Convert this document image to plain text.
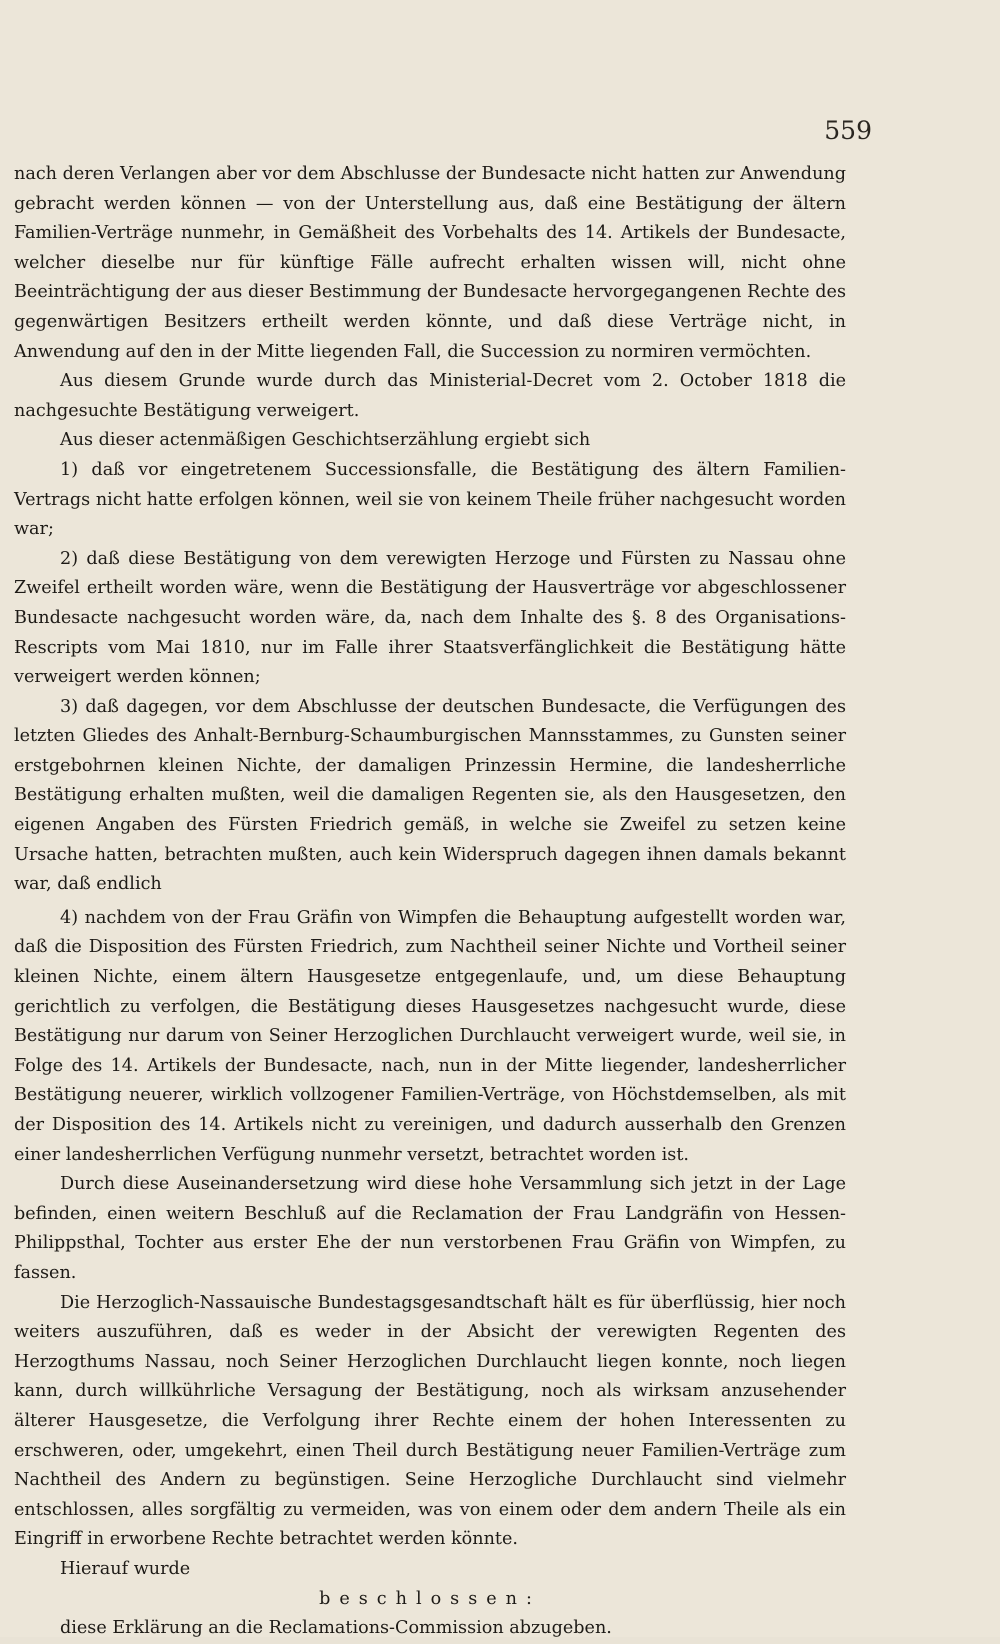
559

nach deren Verlangen aber vor dem Abschlusse der Bundesacte nicht hatten zur Anwendung gebracht werden können — von der Unterstellung aus, daß eine Bestätigung der ältern Familien-Verträge nunmehr, in Gemäßheit des Vorbehalts des 14. Artikels der Bundesacte, welcher dieselbe nur für künftige Fälle aufrecht erhalten wissen will, nicht ohne Beeinträchtigung der aus dieser Bestimmung der Bundesacte hervorgegangenen Rechte des gegenwärtigen Besitzers ertheilt werden könnte, und daß diese Verträge nicht, in Anwendung auf den in der Mitte liegenden Fall, die Succession zu normiren vermöchten.

Aus diesem Grunde wurde durch das Ministerial-Decret vom 2. October 1818 die nachgesuchte Bestätigung verweigert.

Aus dieser actenmäßigen Geschichtserzählung ergiebt sich

1) daß vor eingetretenem Successionsfalle, die Bestätigung des ältern Familien-Vertrags nicht hatte erfolgen können, weil sie von keinem Theile früher nachgesucht worden war;

2) daß diese Bestätigung von dem verewigten Herzoge und Fürsten zu Nassau ohne Zweifel ertheilt worden wäre, wenn die Bestätigung der Hausverträge vor abgeschlossener Bundesacte nachgesucht worden wäre, da, nach dem Inhalte des §. 8 des Organisations-Rescripts vom Mai 1810, nur im Falle ihrer Staatsverfänglichkeit die Bestätigung hätte verweigert werden können;

3) daß dagegen, vor dem Abschlusse der deutschen Bundesacte, die Verfügungen des letzten Gliedes des Anhalt-Bernburg-Schaumburgischen Mannsstammes, zu Gunsten seiner erstgebohrnen kleinen Nichte, der damaligen Prinzessin Hermine, die landesherrliche Bestätigung erhalten mußten, weil die damaligen Regenten sie, als den Hausgesetzen, den eigenen Angaben des Fürsten Friedrich gemäß, in welche sie Zweifel zu setzen keine Ursache hatten, betrachten mußten, auch kein Widerspruch dagegen ihnen damals bekannt war, daß endlich

4) nachdem von der Frau Gräfin von Wimpfen die Behauptung aufgestellt worden war, daß die Disposition des Fürsten Friedrich, zum Nachtheil seiner Nichte und Vortheil seiner kleinen Nichte, einem ältern Hausgesetze entgegenlaufe, und, um diese Behauptung gerichtlich zu verfolgen, die Bestätigung dieses Hausgesetzes nachgesucht wurde, diese Bestätigung nur darum von Seiner Herzoglichen Durchlaucht verweigert wurde, weil sie, in Folge des 14. Artikels der Bundesacte, nach, nun in der Mitte liegender, landesherrlicher Bestätigung neuerer, wirklich vollzogener Familien-Verträge, von Höchstdemselben, als mit der Disposition des 14. Artikels nicht zu vereinigen, und dadurch ausserhalb den Grenzen einer landesherrlichen Verfügung nunmehr versetzt, betrachtet worden ist.

Durch diese Auseinandersetzung wird diese hohe Versammlung sich jetzt in der Lage befinden, einen weitern Beschluß auf die Reclamation der Frau Landgräfin von Hessen-Philippsthal, Tochter aus erster Ehe der nun verstorbenen Frau Gräfin von Wimpfen, zu fassen.

Die Herzoglich-Nassauische Bundestagsgesandtschaft hält es für überflüssig, hier noch weiters auszuführen, daß es weder in der Absicht der verewigten Regenten des Herzogthums Nassau, noch Seiner Herzoglichen Durchlaucht liegen konnte, noch liegen kann, durch willkührliche Versagung der Bestätigung, noch als wirksam anzusehender älterer Hausgesetze, die Verfolgung ihrer Rechte einem der hohen Interessenten zu erschweren, oder, umgekehrt, einen Theil durch Bestätigung neuer Familien-Verträge zum Nachtheil des Andern zu begünstigen. Seine Herzogliche Durchlaucht sind vielmehr entschlossen, alles sorgfältig zu vermeiden, was von einem oder dem andern Theile als ein Eingriff in erworbene Rechte betrachtet werden könnte.

Hierauf wurde

beschlossen:

diese Erklärung an die Reclamations-Commission abzugeben.
